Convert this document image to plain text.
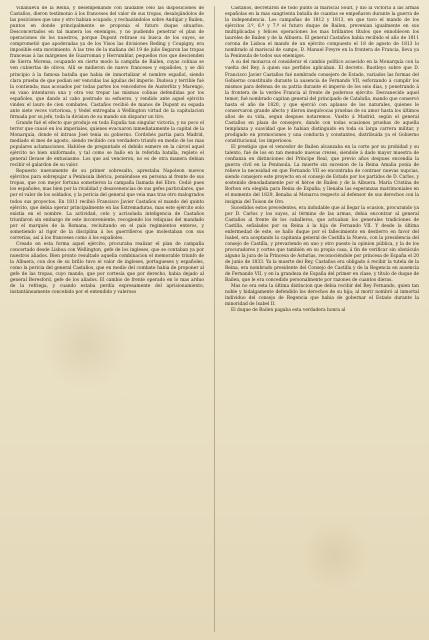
Villanueva de la Reina, y desempeñando con laudable celo las disposiciones de Castaños, dieron testimonio á los franceses del valor de sus tropas, desalojándolos de las posiciones que uno y otro habian ocupado, y rechazándolos sobre Andújar y Bailen, puntos en donde principalmente se proponia el futuro duque situarlos. Desconcertados en tal manera los enemigos, y no pudiendo penetrar el plan de operaciones de los nuestros, porque Dupont retirase su busca de los suyos, se comprometió que apoderadas ya de los Visos las divisiones Reding y Coupigny, era imposible esta movimiento. A las tres de la mañana del 19 de julio llegaron las tropas francesas á las márgenes de Guarroman y Herrumblar, pequeños rios que descienden de Sierra Morena, ocupando en cierto modo la campiña de Bailen, cuyas colinas se ven cubiertas de olivos. Allí se midieron de nuevo franceses y españoles, y se dió principio á la famosa batalla que habia de inmortalizar el nombre español, siendo clara prueba de que podian ser vencidas las águilas del imperio. Dudosa y terrible fué la contienda; mas acosados por todas partes los vencedores de Austerlitz y Marengo, en vano intentaron una y otra vez trepar las mismas colinas defendidas por los españoles, que dando al cabo postrado su esfuerzo, y rendido ante aquel ejército vindex el lauro de cien combates. Castaños recibió de manos de Dupont su espada ante siete veces victoriosa, y Vedel entregaba á Wellington virtud de la capitulacion firmada por su jefe, toda la division de su mando sin disparar un tiro.

Grande fué el efecto que produjo en toda España tan singular victoria, y no poco el terror que causó en los imperiales, quienes evacuaron inmediatamente la capital de la Monarquía, donde el intruso José tenia su gobierno. Cordobés partia para Madrid, mediado el mes de agosto, siendo recibido con verdadero triunfo en medio de los mas populares aclamaciones. Hablóse de preguntado el debido esmero en la cárcel aquel ejército no bien uniformado, y tal como se hallo en la referida batalla, repleto el general llevase de entusiasmo. Los que así vencieron, no es de otra manera debian recibir el galardon de su valor.

Repuesto nuevamente de su primer sobresalto, aprestaba Napoleon nuevos ejércitos para sobrepujar a Península ibérica, poniéndose en persona al frente de sus tropas, que con mejor fortuna sometieron la campaña llamada del Ebro. Cedió pues los españoles, mas bien por la rivalidad y desavenencias de sus gefes particulares, que por el valor de los soldados, y la pericia del general que veia mas tras otro malogrados todos sus proyectos. En 1811 recibió Francisco Javier Castaños el mando del quinto ejército, que debia operar principalmente en las Estremaduras, mas este ejército solo existia en el nombre. La actividad, celo y acrisolada inteligencia de Castaños triunfaron sin embargo de este inconveniente, recogiendo los reliquias del mandado por el marqués de la Romana, recluitando en el país regimientos enteros, y sometiendo al rigor de la disciplina á los guerrilleros que molestaban con sus correrías, así á los franceses como á los españoles.

Creado en esta forma aquel ejército, procuraba realizar el plan de campaña concertado desde Lisboa con Wellington, gefe de los ingleses, que se contaban ya por nuestros aliados. Bien pronto resultado aquella combinacion el memorable triunfo de la Albuera, con dos de su brillo tuvo el valor de ingleses, portugueses y españoles, como la pericia del general Castaños, que en medio del combate habia de proponer al gefe de las tropas, cuyo mando, que por cortesía que por derecho, habia dejado al general Beresford, gefe de los aliados. El cambio de frente operado en lo mas arduo de la refriega, y cuando estaba perdía expresamente del aprisionamiento, instantáneamente concebido por el entendido y valeroso

Castaños, decretaron de todo punto al mariscal Soult, y dio la victoria á las armas españolas en la mas sangrienta batalla de cuantas se empeñaron durante la guerra de la independencia. Los campañas de 1812 y 1813, en que tuvo el mando de los ejércitos 3.º, 6.º y 7.º el futuro duque de Bailen, prevenian igualmente en sus multiplicadas y felices operaciones los mas brillantes títulos que ennoblecen los laureles de Bailen y de la Albuera. El general Castaños había recibido el año de 1811 corona de Lisboa el mando de un ejército compuesto el 18 de agosto de 1813 lo nombrado al mariscal de campo, D. Manuel Freyre en la frontera de Francia, lleva ya la Península de todos sus enemigos.

A su del monarca el considerar el cambio político acaecido en la Monarquía con la vuelta del Rey, á quien sus perfidos aplicaban. El decreto. Ruotleyo sobre que D. Francisco Javier Castaños fué nombrado consejero de Estado, variados las formas del Gobierno constituido durante la ausencia de Fernando VII, esforzando á cumplir los mismos para defensa de su patria durante el imperio de los seis dias, y penetrando á la frontera de la verdes Francia al frente de poderoso ejército. Desvanecido aquel temor, fué nombrado capitan general del principado de Cataluña, mando que conservó hasta el año de 1820, y que ejerció con aplauso de los naturales, quienes le conservaron grande afecto y dieron inequívocas pruebas de su amor hasta los últimos años de su vida, segun despues notaremos. Vuelto á Madrid, según el general Castaños en plaza de consejero, dando con todas ocasiones pruebas de aquella templanza y suavidad que le habian distinguido en toda su larga carrera militar, y prodigado en promociones y una conducta y constantes, distribuida ya el Gobierno constitucional, los imperiosos.

El prestigio que el vencedor de Bailen alcanzaba en la corte por su probidad y su talento, fué de los en tan menudo nuevas crezes, siendole á dado mayor muestra de confianza en distinciones del Príncipe Real, que previo años despues encendía la guerra civil en la Península. La muerte sin sucesion de la Reina Amalia ponía de relieve la necesidad en que Fernando VII se encontraba de contraer nuevas nupcias, siendo consejero este proyecto en el consejo de Estado por los partidos de D. Carlos, y sostenido denodadamente por el héroe de Bailen y de la Albuera. María Cristina de Borbon era elegida para Reina de España; y llenaba las esperanzas matrimoniales en el momento del 1829, llenaba al Monarca respecto al defensor de sus derechos con la insignia del Toison de Oro.

Sucedidos estos precedentes, era indudable que al llegar la ocasion, procurando ya por D. Carlos y los suyos, al término de las armas, debia encontrar al general Castaños al frente de los caballeros, que actuaban los generales tradiciones de Castilla, señalados por su Reina á la hija de Fernando VII. Y desde la última enfermedad de este, se hallo duque por el fallecimiento en destierro en favor del Isabel, era aceptando la capitania general de Castilla la Nueva, con la presidencia del consejo de Castilla, y prevariendo en uno y otro puesto la opinion pública, y la de los procuradores y cortes que también en su propia casa, á fin de verificar sin obstáculo alguno la jura de la Princesa de Asturias, reconociéndole por princesa de España el 20 de junio de 1833. Ya la muerte del Rey, Castaños era obligado á recibir la tutela de la Reina, era nombrado presidente del Consejo de Castilla y de la Regencia en ausencia de Fernando VII, y en la grandeza de España del primer en clase, y título de duque de Bailen, que le era concedido personalmente por razones de cuantos dieras.

Mas no era esta la última distincion que debia recibir del Rey Fernando, quien tan noble y hidalgamente defendido los derechos de su hija; al morir nombró al inmortal individuo del consejo de Regencia que habia de gobernar el Estado durante la minoridad de Isabel II.

El duque de Bailen pagaba esta verdadera honra al
